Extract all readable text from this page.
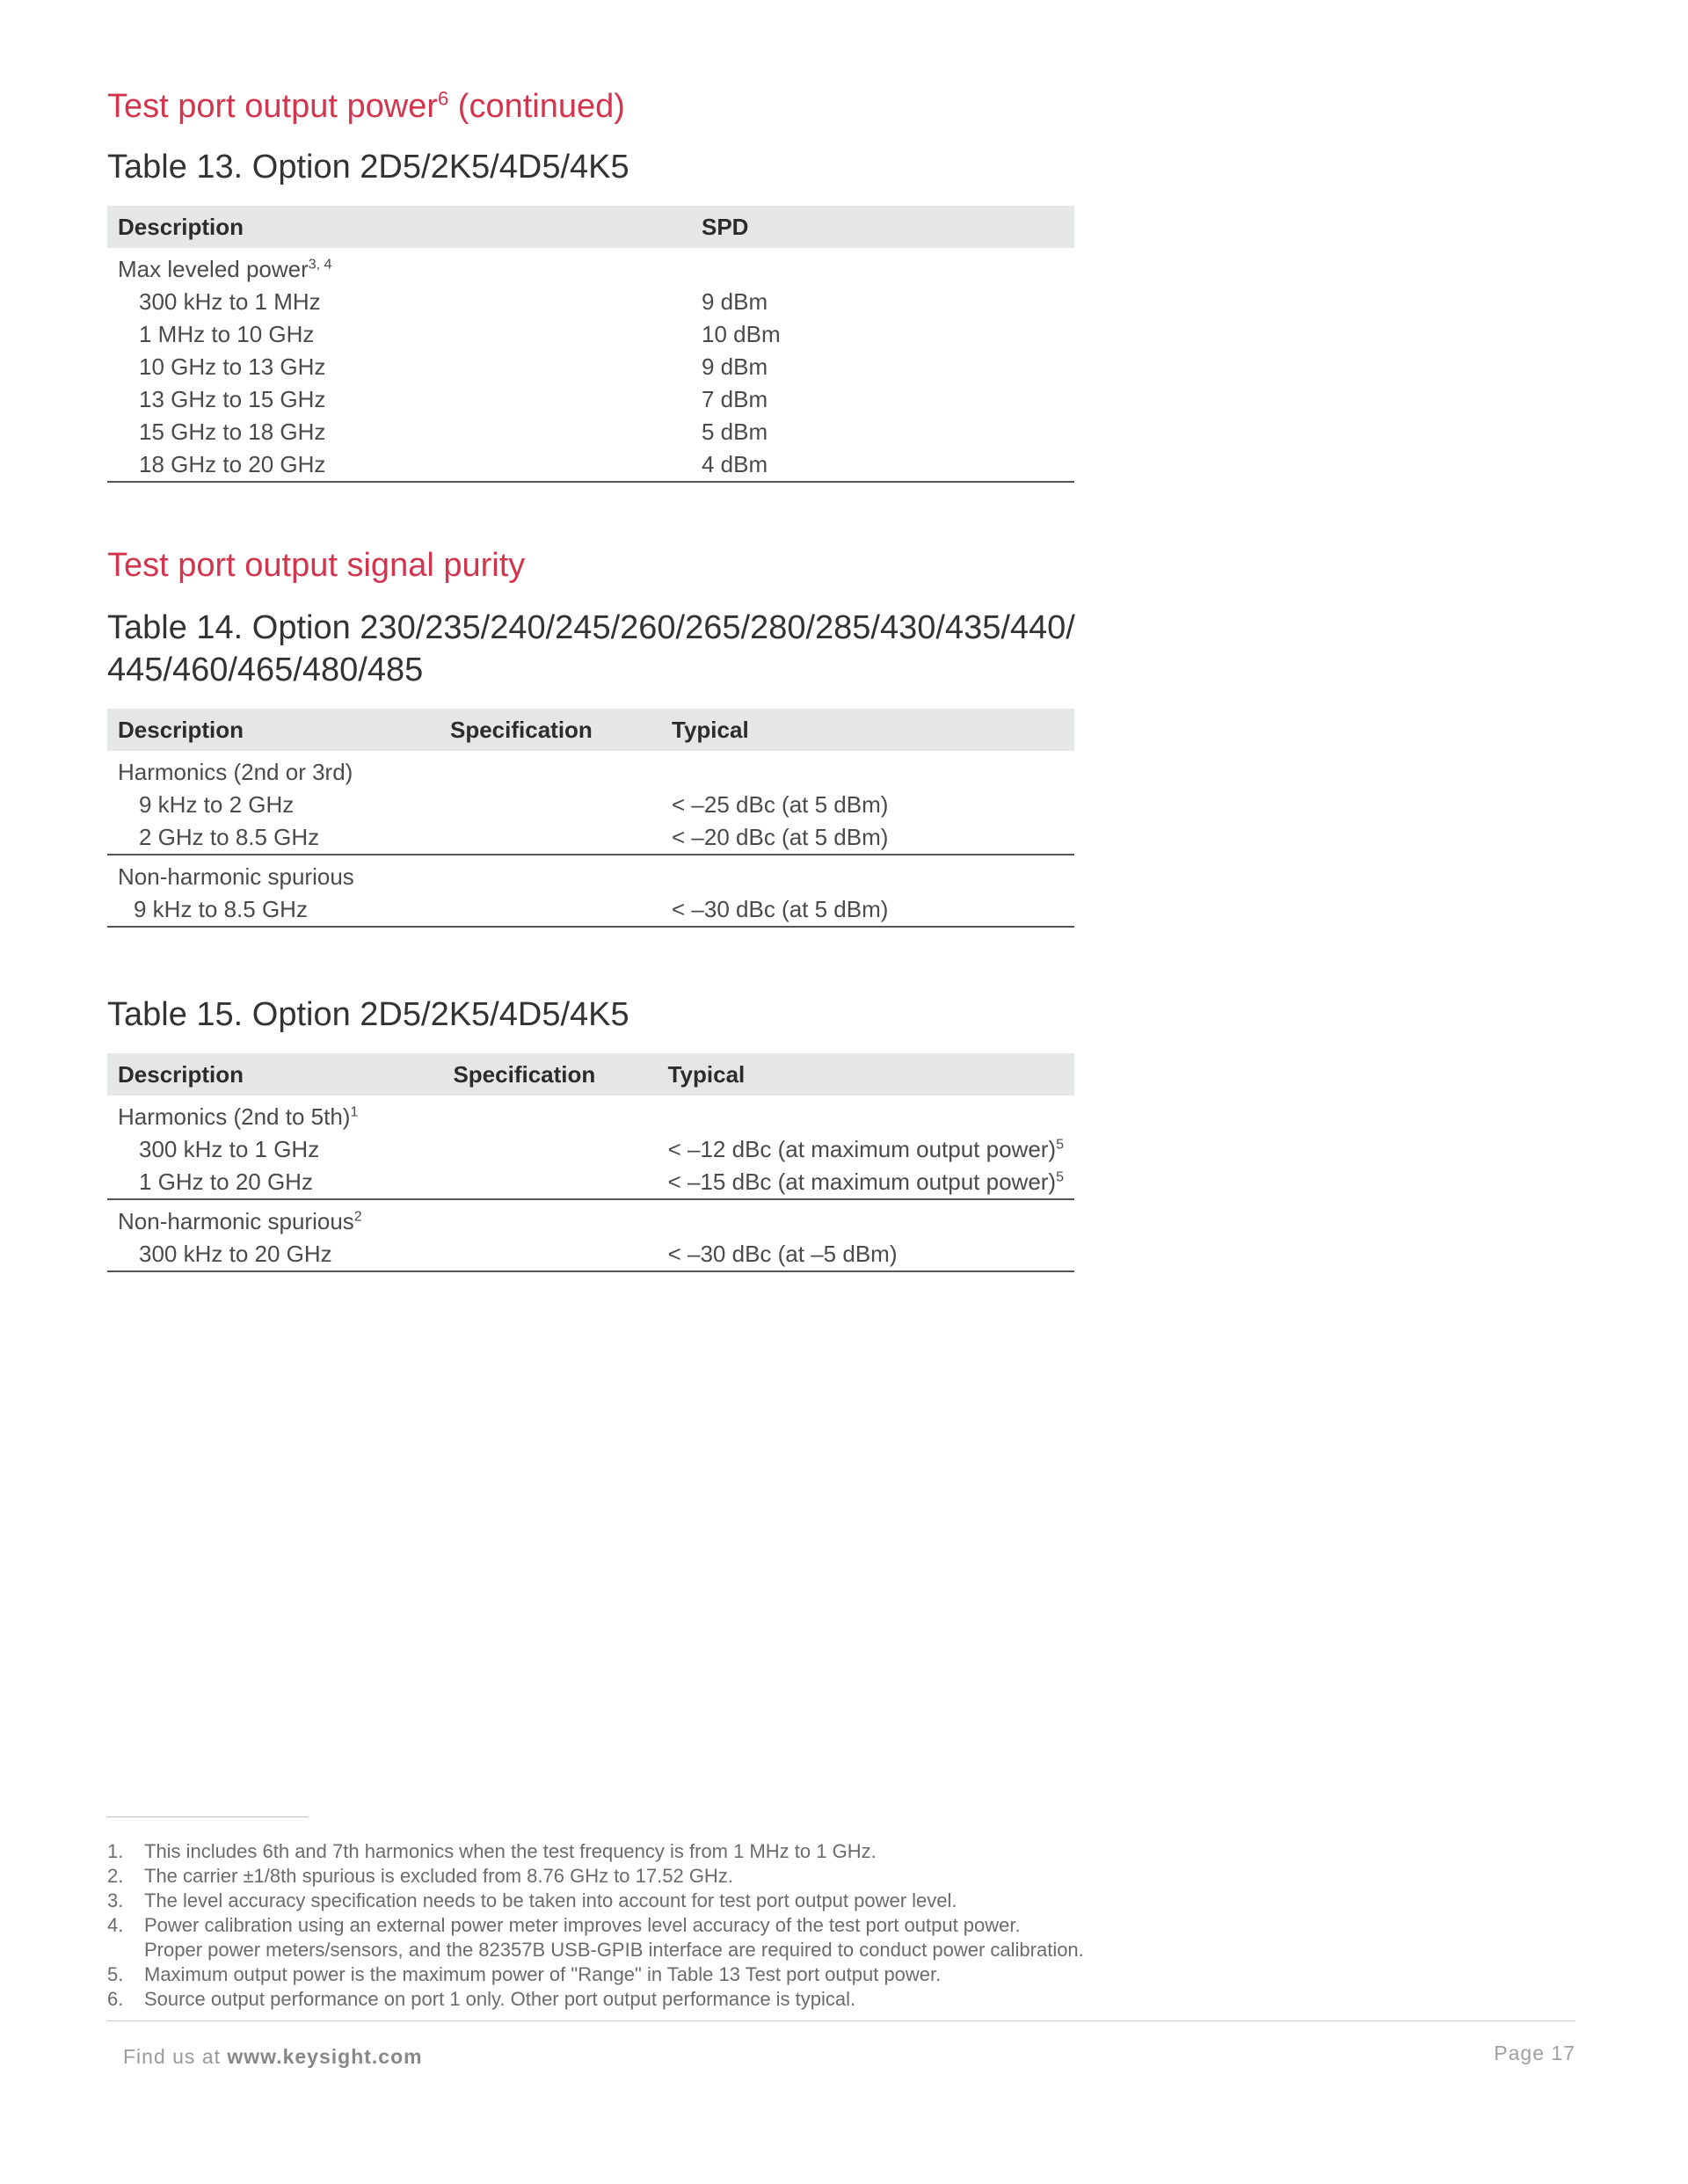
Test port output power$^6$ (continued)
Table 13. Option 2D5/2K5/4D5/4K5
Description	SPD
Max leveled power$^{3, 4}$	
300 kHz to 1 MHz	9 dBm
1 MHz to 10 GHz	10 dBm
10 GHz to 13 GHz	9 dBm
13 GHz to 15 GHz	7 dBm
15 GHz to 18 GHz	5 dBm
18 GHz to 20 GHz	4 dBm
Test port output signal purity
Table 14. Option 230/235/240/245/260/265/280/285/430/435/440/
445/460/465/480/485
Description	Specification	Typical
Harmonics (2nd or 3rd)		
9 kHz to 2 GHz		< –25 dBc (at 5 dBm)
2 GHz to 8.5 GHz		< –20 dBc (at 5 dBm)
Non-harmonic spurious		
9 kHz to 8.5 GHz		< –30 dBc (at 5 dBm)
Table 15. Option 2D5/2K5/4D5/4K5
Description	Specification	Typical
Harmonics (2nd to 5th)$^1$		
300 kHz to 1 GHz		< –12 dBc (at maximum output power)$^5$
1 GHz to 20 GHz		< –15 dBc (at maximum output power)$^5$
Non-harmonic spurious$^2$		
300 kHz to 20 GHz		< –30 dBc (at –5 dBm)
1.	This includes 6th and 7th harmonics when the test frequency is from 1 MHz to 1 GHz.
2.	The carrier ±1/8th spurious is excluded from 8.76 GHz to 17.52 GHz.
3.	The level accuracy specification needs to be taken into account for test port output power level.
4.	Power calibration using an external power meter improves level accuracy of the test port output power.
Proper power meters/sensors, and the 82357B USB-GPIB interface are required to conduct power calibration.
5.	Maximum output power is the maximum power of "Range" in Table 13 Test port output power.
6.	Source output performance on port 1 only. Other port output performance is typical.
Find us at www.keysight.com	Page 17
